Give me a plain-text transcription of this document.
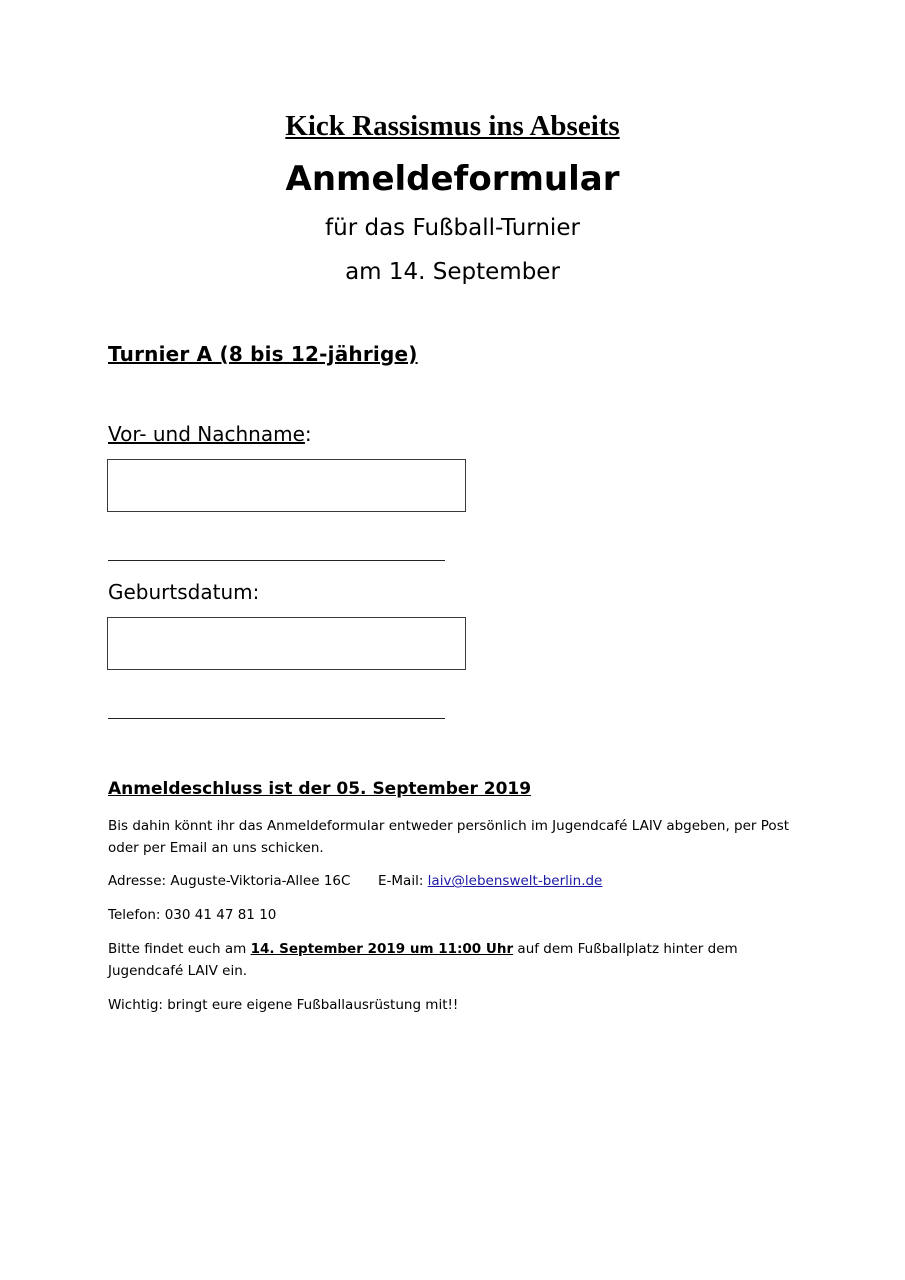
Kick Rassismus ins Abseits
Anmeldeformular
für das Fußball-Turnier
am 14. September
Turnier A (8 bis 12-jährige)
Vor- und Nachname:
Geburtsdatum:
Anmeldeschluss ist der 05. September 2019
Bis dahin könnt ihr das Anmeldeformular entweder persönlich im Jugendcafé LAIV abgeben, per Post oder per Email an uns schicken.
Adresse: Auguste-Viktoria-Allee 16C E-Mail: laiv@lebenswelt-berlin.de
Telefon: 030 41 47 81 10
Bitte findet euch am 14. September 2019 um 11:00 Uhr auf dem Fußballplatz hinter dem Jugendcafé LAIV ein.
Wichtig: bringt eure eigene Fußballausrüstung mit!!
